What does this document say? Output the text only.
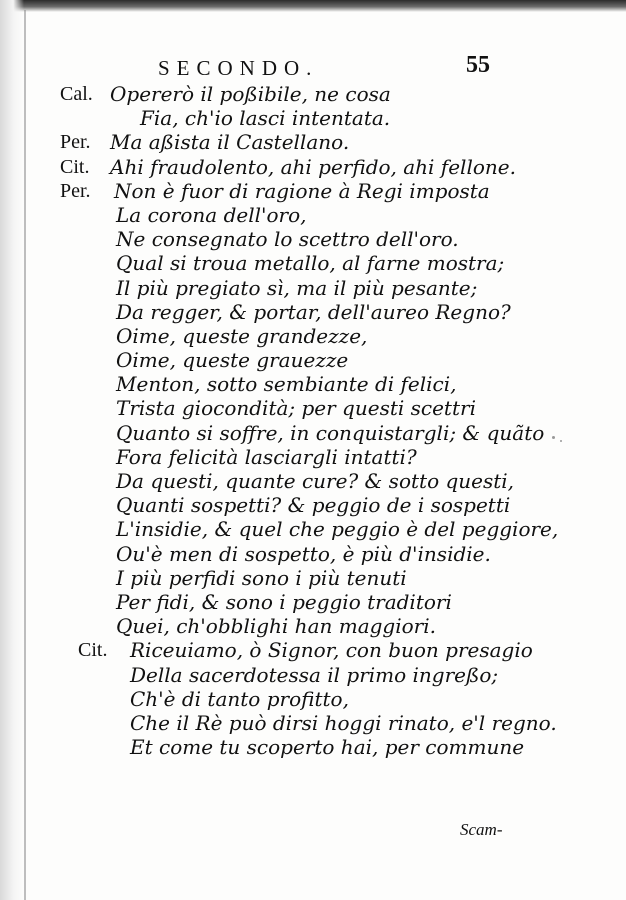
SECONDO.	55
Cal. Opererò il poßibile, ne cosa
Fia, ch'io lasci intentata.
Per. Ma aßista il Castellano.
Cit. Ahi fraudolento, ahi perfido, ahi fellone.
Per. Non è fuor di ragione à Regi imposta
La corona dell'oro,
Ne consegnato lo scettro dell'oro.
Qual si troua metallo, al farne mostra;
Il più pregiato sì, ma il più pesante;
Da regger, & portar, dell'aureo Regno?
Oime, queste grandezze,
Oime, queste grauezze
Menton, sotto sembiante di felici,
Trista giocondità; per questi scettri
Quanto si soffre, in conquistargli; & quãto
Fora felicità lasciargli intatti?
Da questi, quante cure? & sotto questi,
Quanti sospetti? & peggio de i sospetti
L'insidie, & quel che peggio è del peggiore,
Ou'è men di sospetto, è più d'insidie.
I più perfidi sono i più tenuti
Per fidi, & sono i peggio traditori
Quei, ch'obblighi han maggiori.
Cit. Riceuiamo, ò Signor, con buon presagio
Della sacerdotessa il primo ingreßo;
Ch'è di tanto profitto,
Che il Rè può dirsi hoggi rinato, e'l regno.
Et come tu scoperto hai, per commune
Scam-
